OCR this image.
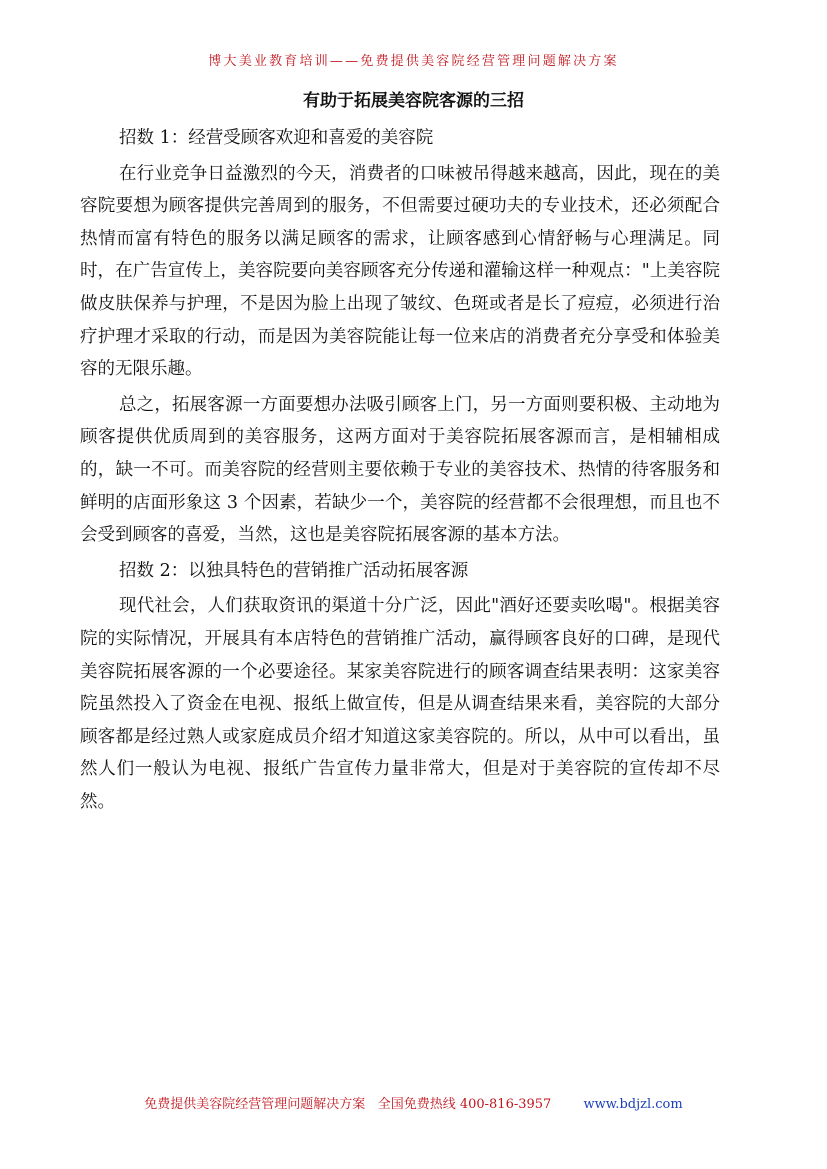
博大美业教育培训——免费提供美容院经营管理问题解决方案
有助于拓展美容院客源的三招

招数 1：经营受顾客欢迎和喜爱的美容院

在行业竞争日益激烈的今天，消费者的口味被吊得越来越高，因此，现在的美容院要想为顾客提供完善周到的服务，不但需要过硬功夫的专业技术，还必须配合热情而富有特色的服务以满足顾客的需求，让顾客感到心情舒畅与心理满足。同时，在广告宣传上，美容院要向美容顾客充分传递和灌输这样一种观点："上美容院做皮肤保养与护理，不是因为脸上出现了皱纹、色斑或者是长了痘痘，必须进行治疗护理才采取的行动，而是因为美容院能让每一位来店的消费者充分享受和体验美容的无限乐趣。

总之，拓展客源一方面要想办法吸引顾客上门，另一方面则要积极、主动地为顾客提供优质周到的美容服务，这两方面对于美容院拓展客源而言，是相辅相成的，缺一不可。而美容院的经营则主要依赖于专业的美容技术、热情的待客服务和鲜明的店面形象这 3 个因素，若缺少一个，美容院的经营都不会很理想，而且也不会受到顾客的喜爱，当然，这也是美容院拓展客源的基本方法。

招数 2：以独具特色的营销推广活动拓展客源

现代社会，人们获取资讯的渠道十分广泛，因此"酒好还要卖吆喝"。根据美容院的实际情况，开展具有本店特色的营销推广活动，赢得顾客良好的口碑，是现代美容院拓展客源的一个必要途径。某家美容院进行的顾客调查结果表明：这家美容院虽然投入了资金在电视、报纸上做宣传，但是从调查结果来看，美容院的大部分顾客都是经过熟人或家庭成员介绍才知道这家美容院的。所以，从中可以看出，虽然人们一般认为电视、报纸广告宣传力量非常大，但是对于美容院的宣传却不尽然。

免费提供美容院经营管理问题解决方案   全国免费热线 400-816-3957 www.bdjzl.com
